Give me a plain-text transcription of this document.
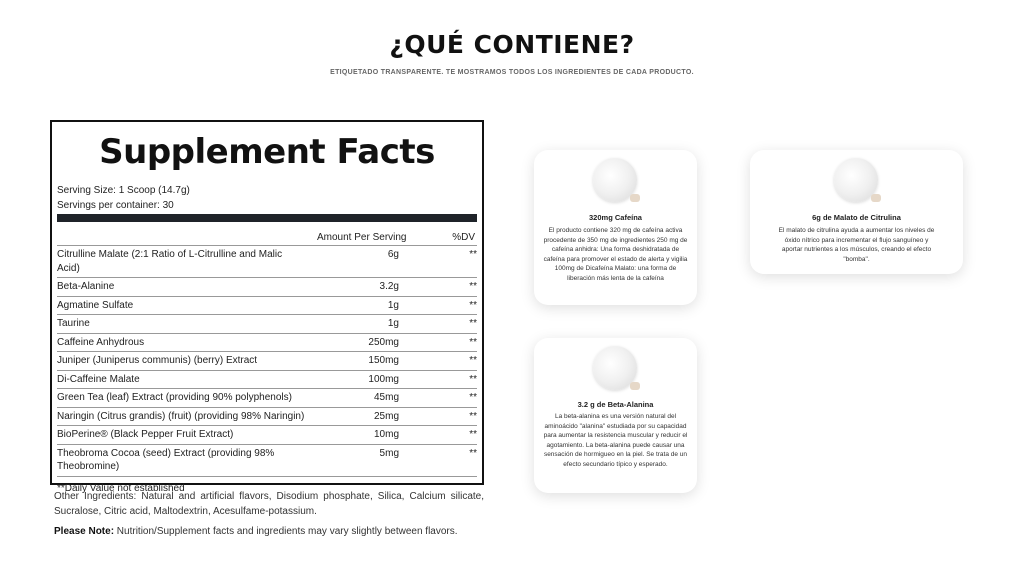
¿QUÉ CONTIENE?
ETIQUETADO TRANSPARENTE. TE MOSTRAMOS TODOS LOS INGREDIENTES DE CADA PRODUCTO.
Supplement Facts
Serving Size: 1 Scoop (14.7g)
Servings per container: 30
Amount Per Serving	%DV
Citrulline Malate (2:1 Ratio of L-Citrulline and Malic Acid)
6g	**
Beta-Alanine	3.2g	**
Agmatine Sulfate	1g	**
Taurine	1g	**
Caffeine Anhydrous	250mg	**
Juniper (Juniperus communis) (berry) Extract	150mg	**
Di-Caffeine Malate	100mg	**
Green Tea (leaf) Extract (providing 90% polyphenols)	45mg	**
Naringin (Citrus grandis) (fruit) (providing 98% Naringin)	25mg	**
BioPerine® (Black Pepper Fruit Extract)	10mg	**
Theobroma Cocoa (seed) Extract (providing 98% Theobromine)
5mg	**
**Daily Value not established
Other Ingredients: Natural and artificial flavors, Disodium phosphate, Silica, Calcium silicate, Sucralose, Citric acid, Maltodextrin, Acesulfame-potassium.
Please Note: Nutrition/Supplement facts and ingredients may vary slightly between flavors.
320mg Cafeína
El producto contiene 320 mg de cafeína activa procedente de 350 mg de ingredientes 250 mg de cafeína anhidra: Una forma deshidratada de cafeína para promover el estado de alerta y vigilia 100mg de Dicafeína Malato: una forma de liberación más lenta de la cafeína
6g de Malato de Citrulina
El malato de citrulina ayuda a aumentar los niveles de óxido nítrico para incrementar el flujo sanguíneo y aportar nutrientes a los músculos, creando el efecto "bomba".
3.2 g de Beta-Alanina
La beta-alanina es una versión natural del aminoácido "alanina" estudiada por su capacidad para aumentar la resistencia muscular y reducir el agotamiento. La beta-alanina puede causar una sensación de hormigueo en la piel. Se trata de un efecto secundario típico y esperado.
